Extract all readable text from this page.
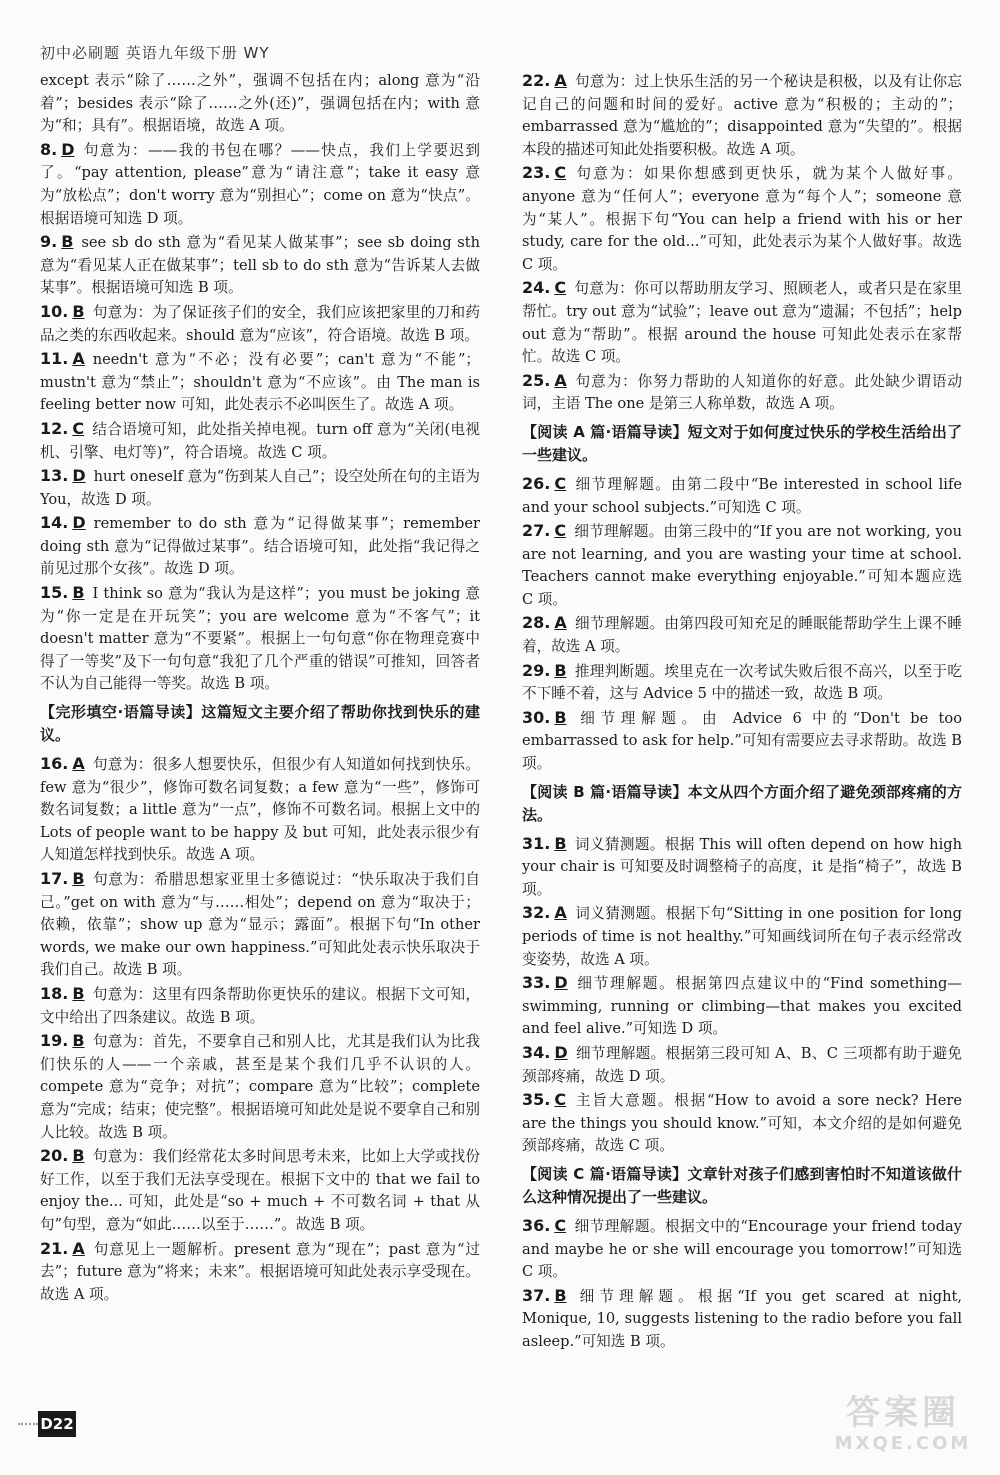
初中必刷题 英语九年级下册 WY

except 表示“除了……之外”，强调不包括在内；along 意为“沿着”；besides 表示“除了……之外(还)”，强调包括在内；with 意为“和；具有”。根据语境，故选 A 项。

8. D 句意为：——我的书包在哪？——快点，我们上学要迟到了。“pay attention, please”意为“请注意”；take it easy 意为“放松点”；don't worry 意为“别担心”；come on 意为“快点”。根据语境可知选 D 项。

9. B see sb do sth 意为“看见某人做某事”；see sb doing sth 意为“看见某人正在做某事”；tell sb to do sth 意为“告诉某人去做某事”。根据语境可知选 B 项。

10. B 句意为：为了保证孩子们的安全，我们应该把家里的刀和药品之类的东西收起来。should 意为“应该”，符合语境。故选 B 项。

11. A needn't 意为“不必；没有必要”；can't 意为“不能”；mustn't 意为“禁止”；shouldn't 意为“不应该”。由 The man is feeling better now 可知，此处表示不必叫医生了。故选 A 项。

12. C 结合语境可知，此处指关掉电视。turn off 意为“关闭(电视机、引擎、电灯等)”，符合语境。故选 C 项。

13. D hurt oneself 意为“伤到某人自己”；设空处所在句的主语为 You，故选 D 项。

14. D remember to do sth 意为“记得做某事”；remember doing sth 意为“记得做过某事”。结合语境可知，此处指“我记得之前见过那个女孩”。故选 D 项。

15. B I think so 意为“我认为是这样”；you must be joking 意为“你一定是在开玩笑”；you are welcome 意为“不客气”；it doesn't matter 意为“不要紧”。根据上一句句意“你在物理竞赛中得了一等奖”及下一句句意“我犯了几个严重的错误”可推知，回答者不认为自己能得一等奖。故选 B 项。

【完形填空·语篇导读】这篇短文主要介绍了帮助你找到快乐的建议。

16. A 句意为：很多人想要快乐，但很少有人知道如何找到快乐。few 意为“很少”，修饰可数名词复数；a few 意为“一些”，修饰可数名词复数；a little 意为“一点”，修饰不可数名词。根据上文中的 Lots of people want to be happy 及 but 可知，此处表示很少有人知道怎样找到快乐。故选 A 项。

17. B 句意为：希腊思想家亚里士多德说过：“快乐取决于我们自己。”get on with 意为“与……相处”；depend on 意为“取决于；依赖，依靠”；show up 意为“显示；露面”。根据下句“In other words, we make our own happiness.”可知此处表示快乐取决于我们自己。故选 B 项。

18. B 句意为：这里有四条帮助你更快乐的建议。根据下文可知，文中给出了四条建议。故选 B 项。

19. B 句意为：首先，不要拿自己和别人比，尤其是我们认为比我们快乐的人——一个亲戚，甚至是某个我们几乎不认识的人。compete 意为“竞争；对抗”；compare 意为“比较”；complete 意为“完成；结束；使完整”。根据语境可知此处是说不要拿自己和别人比较。故选 B 项。

20. B 句意为：我们经常花太多时间思考未来，比如上大学或找份好工作，以至于我们无法享受现在。根据下文中的 that we fail to enjoy the... 可知，此处是“so + much + 不可数名词 + that 从句”句型，意为“如此……以至于……”。故选 B 项。

21. A 句意见上一题解析。present 意为“现在”；past 意为“过去”；future 意为“将来；未来”。根据语境可知此处表示享受现在。故选 A 项。

22. A 句意为：过上快乐生活的另一个秘诀是积极，以及有让你忘记自己的问题和时间的爱好。active 意为“积极的；主动的”；embarrassed 意为“尴尬的”；disappointed 意为“失望的”。根据本段的描述可知此处指要积极。故选 A 项。

23. C 句意为：如果你想感到更快乐，就为某个人做好事。anyone 意为“任何人”；everyone 意为“每个人”；someone 意为“某人”。根据下句“You can help a friend with his or her study, care for the old...”可知，此处表示为某个人做好事。故选 C 项。

24. C 句意为：你可以帮助朋友学习、照顾老人，或者只是在家里帮忙。try out 意为“试验”；leave out 意为“遗漏；不包括”；help out 意为“帮助”。根据 around the house 可知此处表示在家帮忙。故选 C 项。

25. A 句意为：你努力帮助的人知道你的好意。此处缺少谓语动词，主语 The one 是第三人称单数，故选 A 项。

【阅读 A 篇·语篇导读】短文对于如何度过快乐的学校生活给出了一些建议。

26. C 细节理解题。由第二段中“Be interested in school life and your school subjects.”可知选 C 项。

27. C 细节理解题。由第三段中的“If you are not working, you are not learning, and you are wasting your time at school. Teachers cannot make everything enjoyable.”可知本题应选 C 项。

28. A 细节理解题。由第四段可知充足的睡眠能帮助学生上课不睡着，故选 A 项。

29. B 推理判断题。埃里克在一次考试失败后很不高兴，以至于吃不下睡不着，这与 Advice 5 中的描述一致，故选 B 项。

30. B 细节理解题。由 Advice 6 中的“Don't be too embarrassed to ask for help.”可知有需要应去寻求帮助。故选 B 项。

【阅读 B 篇·语篇导读】本文从四个方面介绍了避免颈部疼痛的方法。

31. B 词义猜测题。根据 This will often depend on how high your chair is 可知要及时调整椅子的高度，it 是指“椅子”，故选 B 项。

32. A 词义猜测题。根据下句“Sitting in one position for long periods of time is not healthy.”可知画线词所在句子表示经常改变姿势，故选 A 项。

33. D 细节理解题。根据第四点建议中的“Find something—swimming, running or climbing—that makes you excited and feel alive.”可知选 D 项。

34. D 细节理解题。根据第三段可知 A、B、C 三项都有助于避免颈部疼痛，故选 D 项。

35. C 主旨大意题。根据“How to avoid a sore neck? Here are the things you should know.”可知，本文介绍的是如何避免颈部疼痛，故选 C 项。

【阅读 C 篇·语篇导读】文章针对孩子们感到害怕时不知道该做什么这种情况提出了一些建议。

36. C 细节理解题。根据文中的“Encourage your friend today and maybe he or she will encourage you tomorrow!”可知选 C 项。

37. B 细节理解题。根据“If you get scared at night, Monique, 10, suggests listening to the radio before you fall asleep.”可知选 B 项。

D22	答案圈
MXQE.COM
